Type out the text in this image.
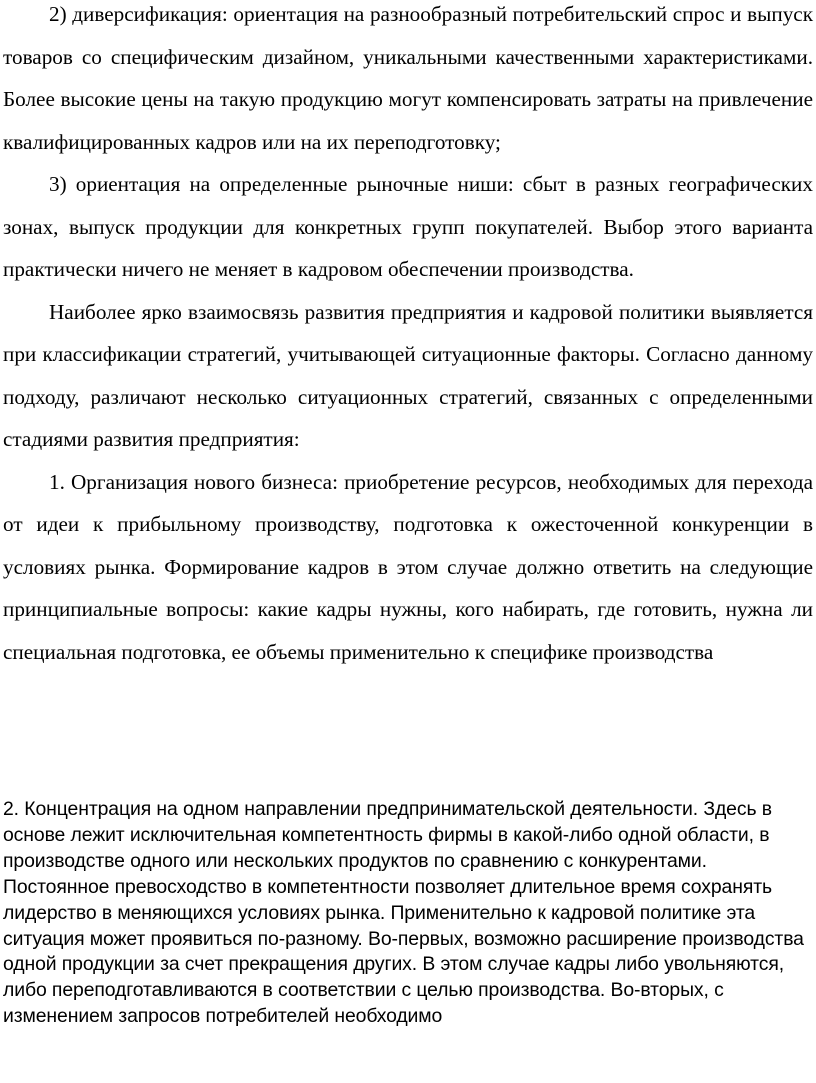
2) диверсификация: ориентация на разнообразный потребительский спрос и выпуск товаров со специфическим дизайном, уникальными качественными характеристиками. Более высокие цены на такую продукцию могут компенсировать затраты на привлечение квалифицированных кадров или на их переподготовку;

3) ориентация на определенные рыночные ниши: сбыт в разных географических зонах, выпуск продукции для конкретных групп покупателей. Выбор этого варианта практически ничего не меняет в кадровом обеспечении производства.

Наиболее ярко взаимосвязь развития предприятия и кадровой политики выявляется при классификации стратегий, учитывающей ситуационные факторы. Согласно данному подходу, различают несколько ситуационных стратегий, связанных с определенными стадиями развития предприятия:

1. Организация нового бизнеса: приобретение ресурсов, необходимых для перехода от идеи к прибыльному производству, подготовка к ожесточенной конкуренции в условиях рынка. Формирование кадров в этом случае должно ответить на следующие принципиальные вопросы: какие кадры нужны, кого набирать, где готовить, нужна ли специальная подготовка, ее объемы применительно к специфике производства

2. Концентрация на одном направлении предпринимательской деятельности. Здесь в основе лежит исключительная компетентность фирмы в какой-либо одной области, в производстве одного или нескольких продуктов по сравнению с конкурентами. Постоянное превосходство в компетентности позволяет длительное время сохранять лидерство в меняющихся условиях рынка. Применительно к кадровой политике эта ситуация может проявиться по-разному. Во-первых, возможно расширение производства одной продукции за счет прекращения других. В этом случае кадры либо увольняются, либо переподготавливаются в соответствии с целью производства. Во-вторых, с изменением запросов потребителей необходимо
